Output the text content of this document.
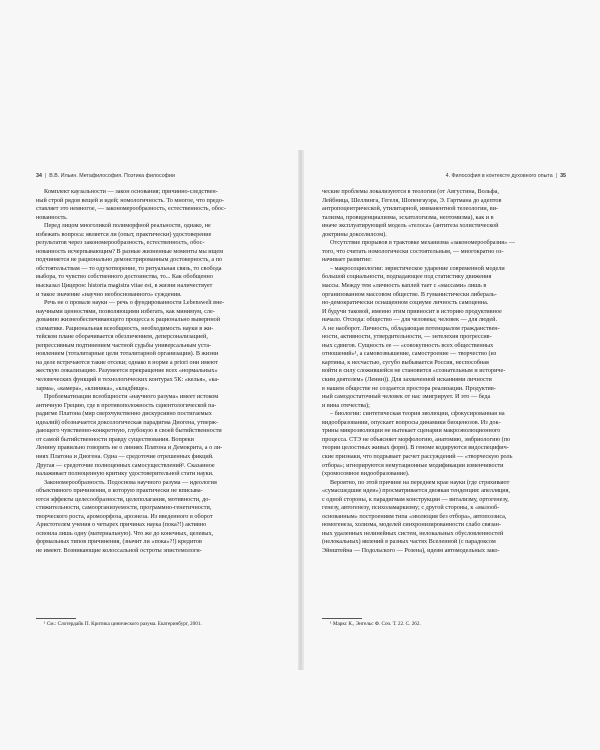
34 | В.В. Ильин. Метафилософия. Поэтика философии	4. Философия в контексте духовного опыта | 35
Комплект каузальности — закон основания; причинно-следствен-
ный строй рядов вещей и идей; номологичность. То многое, что предо-
ставляет это немногое, — закономерообразность, естественность, обос-
нованность.
Перед лицом многоликой полиморфной реальности, однако, не
избежать вопроса: является ли (опыт, практически) удостоверение
результатов через закономерообразность, естественность, обос-
нованность исчерпывающим? В разные жизненные моменты мы ищем
подчиняется не рационально демонстрированным достоверность, а по
обстоятельствам — то одухотворение, то ритуальная связь, то свобода
выбора, то чувство собственного достоинства, то... Как обобщенно
высказал Цицерон: historia magistra vitae est, в жизни наличествует
и такое значение «научно необоснованного» суждения.
Речь не о провале науки — речь о фундированности Lebenswelt вне-
научными ценностями, позволяющими избегать, как минимум, сле-
дованию жизнеобеспечивающего процесса к рационально вывернной
схематике. Рациональная всеобщность, необходимость науки в жи-
тейском плане оборачивается обезличением, деперсонализацией,
репрессивным подтинением частной судьбы универсальным уста-
новлением (тоталитарные цели тоталитарной организации). В жизни
на деле встречаются такие отсеки; однако в норме а priori они имеют
жесткую локализацию. Разумеется прекращение всех «нормальных»
человеческих функций в технологических контурах 5К: «келья», «ка-
зарма», «камера», «клиника», «кладбище».
Проблематизации всеобщности «научного разума» имеет истоком
античную Грецию, где в противоположность сциентологической па-
радигме Платона (мир сверхчувственно дискурсивно постигаемых
идеалий) обозначается доксологическая парадигма Диогена, утверж-
дающего чувственно-конкретную, глубокую в своей бытийственности
от самой бытийственности правду существования. Вопреки
Ленину правильно говорить не о линиях Платона и Демокрита, а о ли-
ниях Платона и Диогена. Одна — средоточие отрешенных фикций.
Другая — средоточие полноценных самосуществлений¹. Сказанное
налаживает полноценную критику удостоверительной стати науки.
Закономерообразность. Подоснова научного разума — идеология
объективного причинения, в которую практически не вписыва-
ются эффекты целесообразности, целеполагания, мотивности, до-
стижительности, самоорганизуемости, программно-генетичности,
творческого роста, аромоорфоза, ароэнеза. Из введенного в оборот
Аристотелем учения о четырех причинах наука (пока?!) активно
освоила лишь одну (материальную). Что же до конечных, целевых,
формальных типов причинения, (значит ли «пока»?!) кредитов
не имеют. Возникающие колоссальной остроты эпистемологи-
ческие проблемы локализуются в теологии (от Августина, Вольфа,
Лейбница, Шеллинга, Гегеля, Шопенгауэра, Э. Гартмана до адептов
антропоцентрической, утилитарной, имманентной телеологии, ви-
тализма, провиденциализма, эсхатологизма, неотомизма), как и в
иначе эксплуатирующей модель «телоса» (антитеза холистической
доктрины докселилсом).
Отсутствие прорывов в трактовке механизма «закономерообразия» —
того, что считать номологически состоятельным, — многократно оз-
начивает развитие:
– макросоциологии: эвристическое ударение современной модели
большой социальности, подпадающее под статистику движения
массы. Между тем «личность каплей тает с «массами» лишь в
организованном массовом обществе. В гуманистически либераль-
но-демократически оснащенном социуме личность самоценна.
И будучи таковой, именно этим привносит в историю продуктивное
начало. Отсюда: общество — для человека; человек — для людей.
А не наоборот. Личность, обладающая потенциалом гражданствен-
ности, активности, утвердительности, — энтелехия прогрессив-
ных сдвигов. Сущность ее — «совокупность всех общественных
отношений»¹, а самовозвышение, самостроение — творчество (из
картины, к несчастью, сугубо выбывается Россия, неспособная
войти в силу сложившейся не становится «сознательным и историче-
ским деятелем» (Ленин)). Для захваченной исканиями личности
в нашем обществе не создается простора реализации. Продуктив-
ный самодостаточный человек от нас эмигрирует. И это — беда
и вина отечества);
– биологии: синтетическая теория эволюции, сфокусированная на
видообразовании, опускает вопросы динамики биоценозов. Из док-
трины микроэволюции не вытекает сценарии макроэволюционного
процесса. СТЭ не объясняет морфологию, анатомию, эмбриологию (по
теории целостных живых форм). В геноме кодируются видоспецифич-
ские признаки, что подрывает расчет рассуждений — «творческую роль
отбора»; игнорируются немутационные модификации изменчивости
(хромосомное видообразование).
Вероятно, по этой причине на переднем крае науки (где стряхивают
«сумасшедшие идеи») просматривается двоякая тенденция: апелляция,
с одной стороны, к парадигмам конструкции — витализму, ортогенезу,
генезу, автогенезу, психоламаркизму; с другой стороны, к «малооб-
основанным» построениям типа «эволюция без отбора», автопоэзиса,
номогенеза, холизма, моделей синхронизированности слабо связан-
ных удаленных нелинейных систем, нелокальных обусловленностей
(нелокальных) явлений в разных частях Вселенной (с парадоксом
Эйнштейна — Подольского — Розена), идеям автомодельных зако-
¹ См.: Слотердайк П. Критика цинического разума. Екатеринбург, 2001.	¹ Маркс К., Энгельс Ф. Соч. Т. 22. С. 262.
